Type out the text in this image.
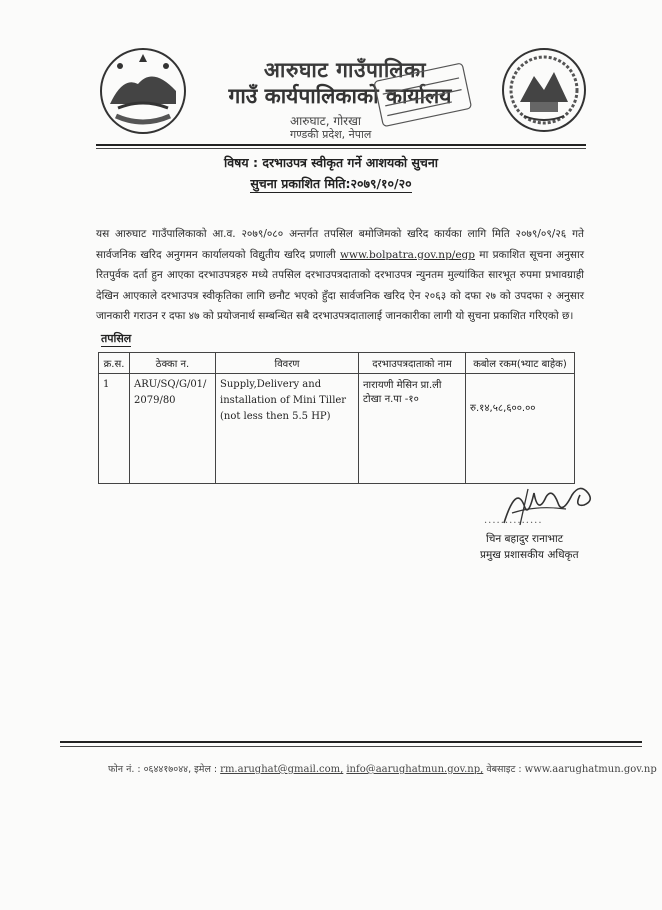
आरुघाट गाउँपालिका
गाउँ कार्यपालिकाको कार्यालय
आरुघाट, गोरखा
गण्डकी प्रदेश, नेपाल
विषय : दरभाउपत्र स्वीकृत गर्ने आशयको सुचना
सुचना प्रकाशित मिति:२०७९/१०/२०
यस आरुघाट गाउँपालिकाको आ.व. २०७९/०८० अन्तर्गत तपसिल बमोजिमको खरिद कार्यका लागि मिति २०७९/०९/२६ गते सार्वजनिक खरिद अनुगमन कार्यालयको विद्युतीय खरिद प्रणाली www.bolpatra.gov.np/egp मा प्रकाशित सूचना अनुसार रितपुर्वक दर्ता हुन आएका दरभाउपत्रहरु मध्ये तपसिल दरभाउपत्रदाताको दरभाउपत्र न्युनतम मुल्यांकित सारभूत रुपमा प्रभावग्राही देखिन आएकाले दरभाउपत्र स्वीकृतिका लागि छनौट भएको हुँदा सार्वजनिक खरिद ऐन २०६३ को दफा २७ को उपदफा २ अनुसार जानकारी गराउन र दफा ४७ को प्रयोजनार्थ सम्बन्धित सबै दरभाउपत्रदातालाई जानकारीका लागी यो सुचना प्रकाशित गरिएको छ।
तपसिल
क्र.स.	ठेक्का न.	विवरण	दरभाउपत्रदाताको नाम	कबोल रकम(भ्याट बाहेक)
1	ARU/SQ/G/01/2079/80	Supply,Delivery and installation of Mini Tiller (not less then 5.5 HP)	नारायणी मेसिन प्रा.ली टोखा न.पा -१०	रु.१४,५८,६००.००
..............
चिन बहादुर रानाभाट
प्रमुख प्रशासकीय अधिकृत
फोन नं. : ०६४४१७०४४, इमेल : rm.arughat@gmail.com, info@aarughatmun.gov.np, वेबसाइट : www.aarughatmun.gov.np
